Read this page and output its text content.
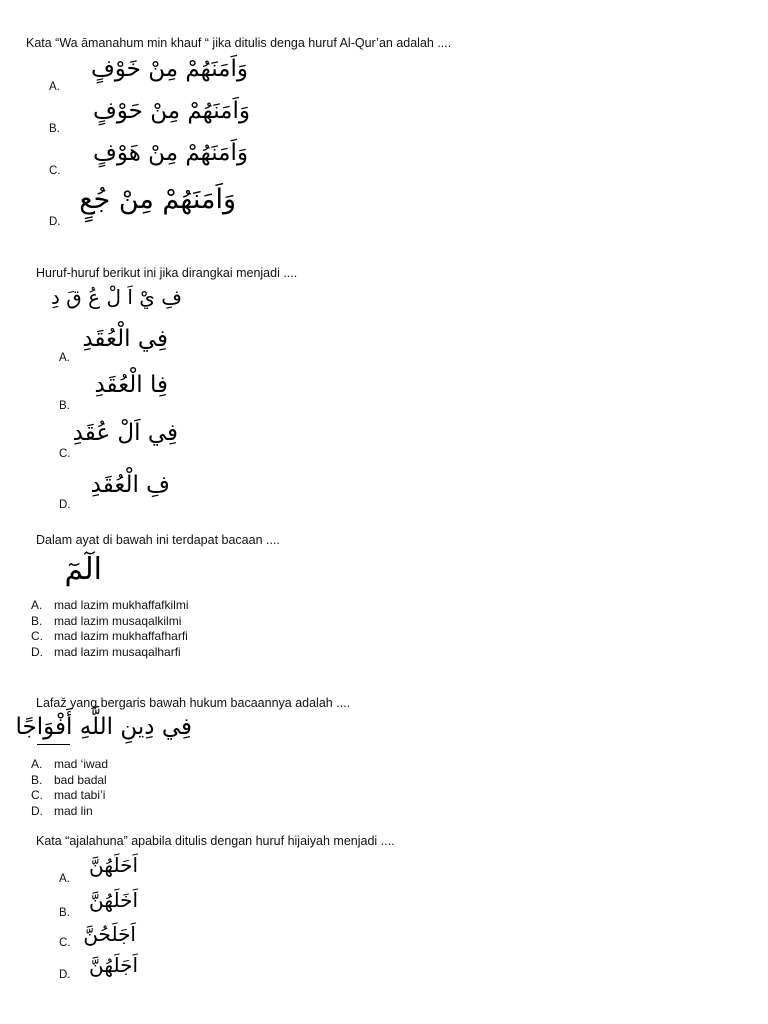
Kata “Wa āmanahum min khauf “ jika ditulis denga huruf Al-Qur’an adalah ....
A.
وَاَمَنَهُمْ مِنْ خَوْفٍ
B.
وَاَمَنَهُمْ مِنْ حَوْفٍ
C.
وَاَمَنَهُمْ مِنْ هَوْفٍ
D.
وَاَمَنَهُمْ مِنْ جُعٍ
Huruf-huruf berikut ini jika dirangkai menjadi ....
فِ يْ اَ لْ عُ قَ دِ
A.
فِي الْعُقَدِ
B.
فِا الْعُقَدِ
C.
فِي اَلْ عُقَدِ
D.
فِ الْعُقَدِ
Dalam ayat di bawah ini terdapat bacaan ....
الٓمٓ
A. mad lazim mukhaffafkilmi
B. mad lazim musaqalkilmi
C. mad lazim mukhaffafharfi
D. mad lazim musaqalharfi
Lafaž yang bergaris bawah hukum bacaannya adalah ....
فِي دِينِ اللَّهِ أَفْوَاجًا
A. mad ‘iwad
B. bad badal
C. mad tabi’i
D. mad lin
Kata “ajalahuna” apabila ditulis dengan huruf hijaiyah menjadi ....
A.
اَحَلَهُنَّ
B.
اَخَلَهُنَّ
C. اَجَلَحُنَّ
D. اَجَلَهُنَّ
